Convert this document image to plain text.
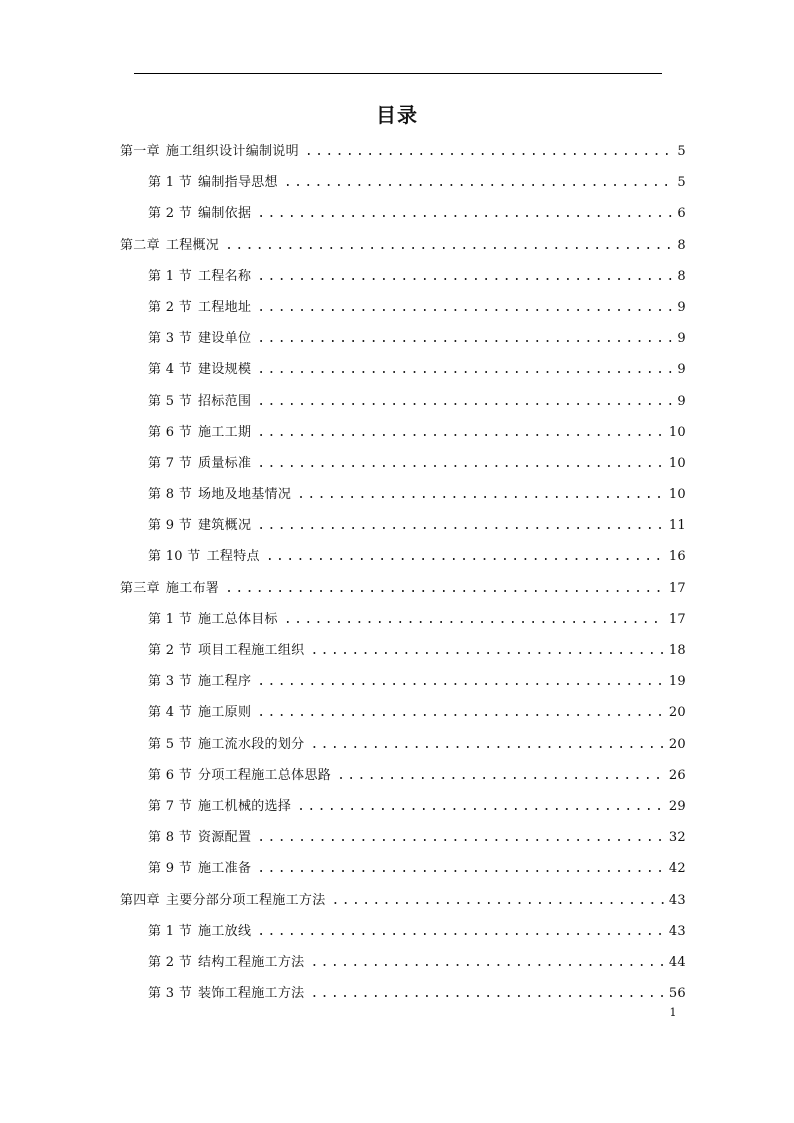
目录
第一章 施工组织设计编制说明 .....	5
第 1 节 编制指导思想 .....	5
第 2 节 编制依据 .....	6
第二章 工程概况 .....	8
第 1 节 工程名称 .....	8
第 2 节 工程地址 .....	9
第 3 节 建设单位 .....	9
第 4 节 建设规模 .....	9
第 5 节 招标范围 .....	9
第 6 节 施工工期 .....	10
第 7 节 质量标准 .....	10
第 8 节 场地及地基情况 .....	10
第 9 节 建筑概况 .....	11
第 10 节 工程特点 .....	16
第三章 施工布署 .....	17
第 1 节 施工总体目标 .....	17
第 2 节 项目工程施工组织 .....	18
第 3 节 施工程序 .....	19
第 4 节 施工原则 .....	20
第 5 节 施工流水段的划分 .....	20
第 6 节 分项工程施工总体思路 .....	26
第 7 节 施工机械的选择 .....	29
第 8 节 资源配置 .....	32
第 9 节 施工准备 .....	42
第四章 主要分部分项工程施工方法 .....	43
第 1 节 施工放线 .....	43
第 2 节 结构工程施工方法 .....	44
第 3 节 装饰工程施工方法 .....	56
1
